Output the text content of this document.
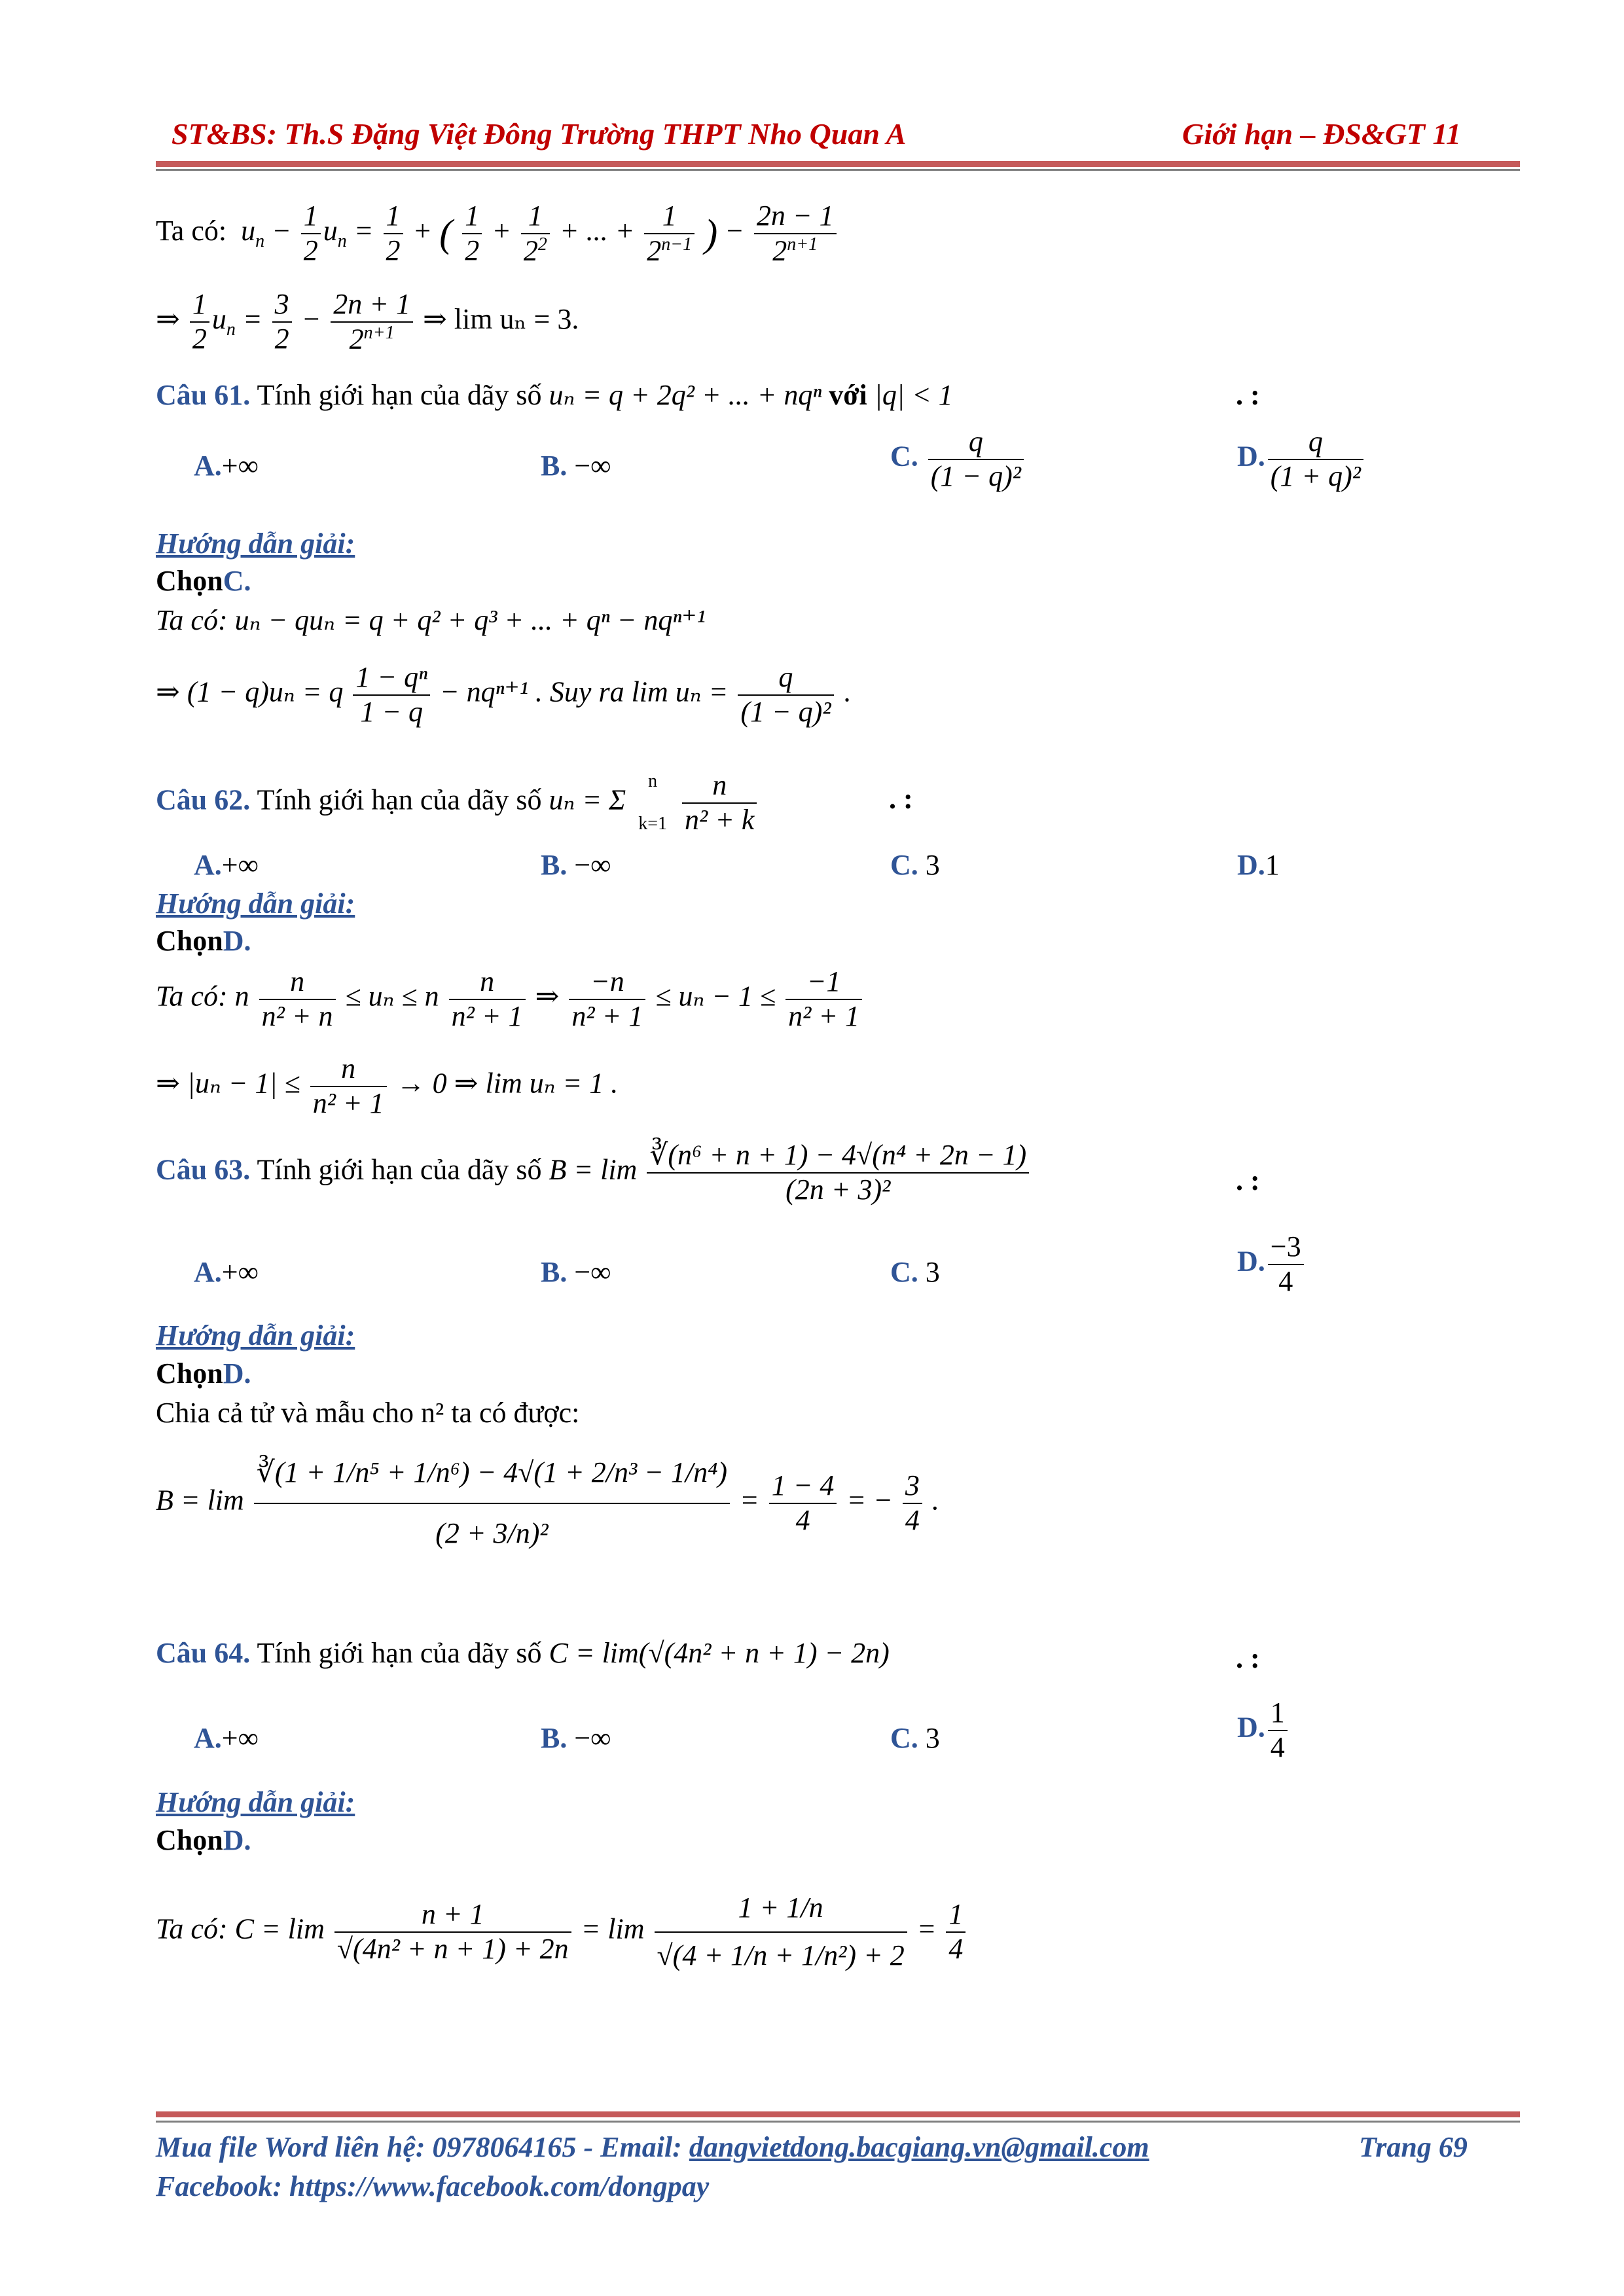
ST&BS: Th.S Đặng Việt Đông Trường THPT Nho Quan A	Giới hạn – ĐS&GT 11
Ta có:  $u_n - \frac{1}{2} u_n = \frac{1}{2}$ + ( $\frac{1}{2} + \frac{1}{2^2}$ + ... + $\frac{1}{2^{n-1}}$ ) − $\frac{2n - 1}{2^{n+1}}$
⇒ $\frac{1}{2} u_n = \frac{3}{2} - \frac{2n + 1}{2^{n+1}}$ ⇒ lim uₙ = 3.
Câu 61. Tính giới hạn của dãy số uₙ = q + 2q² + ... + nqⁿ với |q| < 1	. :
A.+∞	B. −∞	C. $\frac{q}{\text{(1 − q)²}}$	D. $\frac{q}{\text{(1 + q)²}}$
Hướng dẫn giải:
ChọnC.
Ta có: uₙ − quₙ = q + q² + q³ + ... + qⁿ − nqⁿ⁺¹
⇒ (1 − q)uₙ = q $\frac{\text{1 − qⁿ}}{1 - q} - nq^{n+1}$ . Suy ra $\lim u_n = \frac{q}{\text{(1 − q)²}}$ .
Câu 62. Tính giới hạn của dãy số uₙ = Σ
n

k=1
$\frac{n}{\text{n² + k}}$	. :
A.+∞	B. −∞	C. 3	D.1
Hướng dẫn giải:
ChọnD.
Ta có: n $\frac{n}{\text{n² + n}} \le u_n \le n \frac{n}{\text{n² + 1}}$ ⇒ $\frac{-n}{\text{n² + 1}} \le u_n - 1 \le \frac{-1}{\text{n² + 1}}$
⇒ $|u_n - 1| \le \frac{n}{\text{n² + 1}} \to 0$ ⇒ lim uₙ = 1 .
Câu 63. Tính giới hạn của dãy số $B = \lim \frac{\text{∛(n⁶ + n + 1) − 4√(n⁴ + 2n − 1)}}{\text{(2n + 3)²}}$	. :
A.+∞	B. −∞	C. 3	D. $\frac{-3}{4}$
Hướng dẫn giải:
ChọnD.
Chia cả tử và mẫu cho n² ta có được:
$B = \lim \frac{\text{∛(1 + 1/n⁵ + 1/n⁶) − 4√(1 + 2/n³ − 1/n⁴)}}{\text{(2 + 3/n)²}} = \frac{1 - 4}{4}$ = − $\frac{3}{4}$ .
Câu 64. Tính giới hạn của dãy số C = lim(√(4n² + n + 1) − 2n)	. :
A.+∞	B. −∞	C. 3	D. $\frac{1}{4}$
Hướng dẫn giải:
ChọnD.
Ta có: $C = \lim \frac{n + 1}{\text{√(4n² + n + 1) + 2n}} = \lim \frac{1 + 1/n}{\text{√(4 + 1/n + 1/n²) + 2}} = \frac{1}{4}$
Mua file Word liên hệ: 0978064165 - Email: dangvietdong.bacgiang.vn@gmail.com	Trang 69
Facebook: https://www.facebook.com/dongpay
